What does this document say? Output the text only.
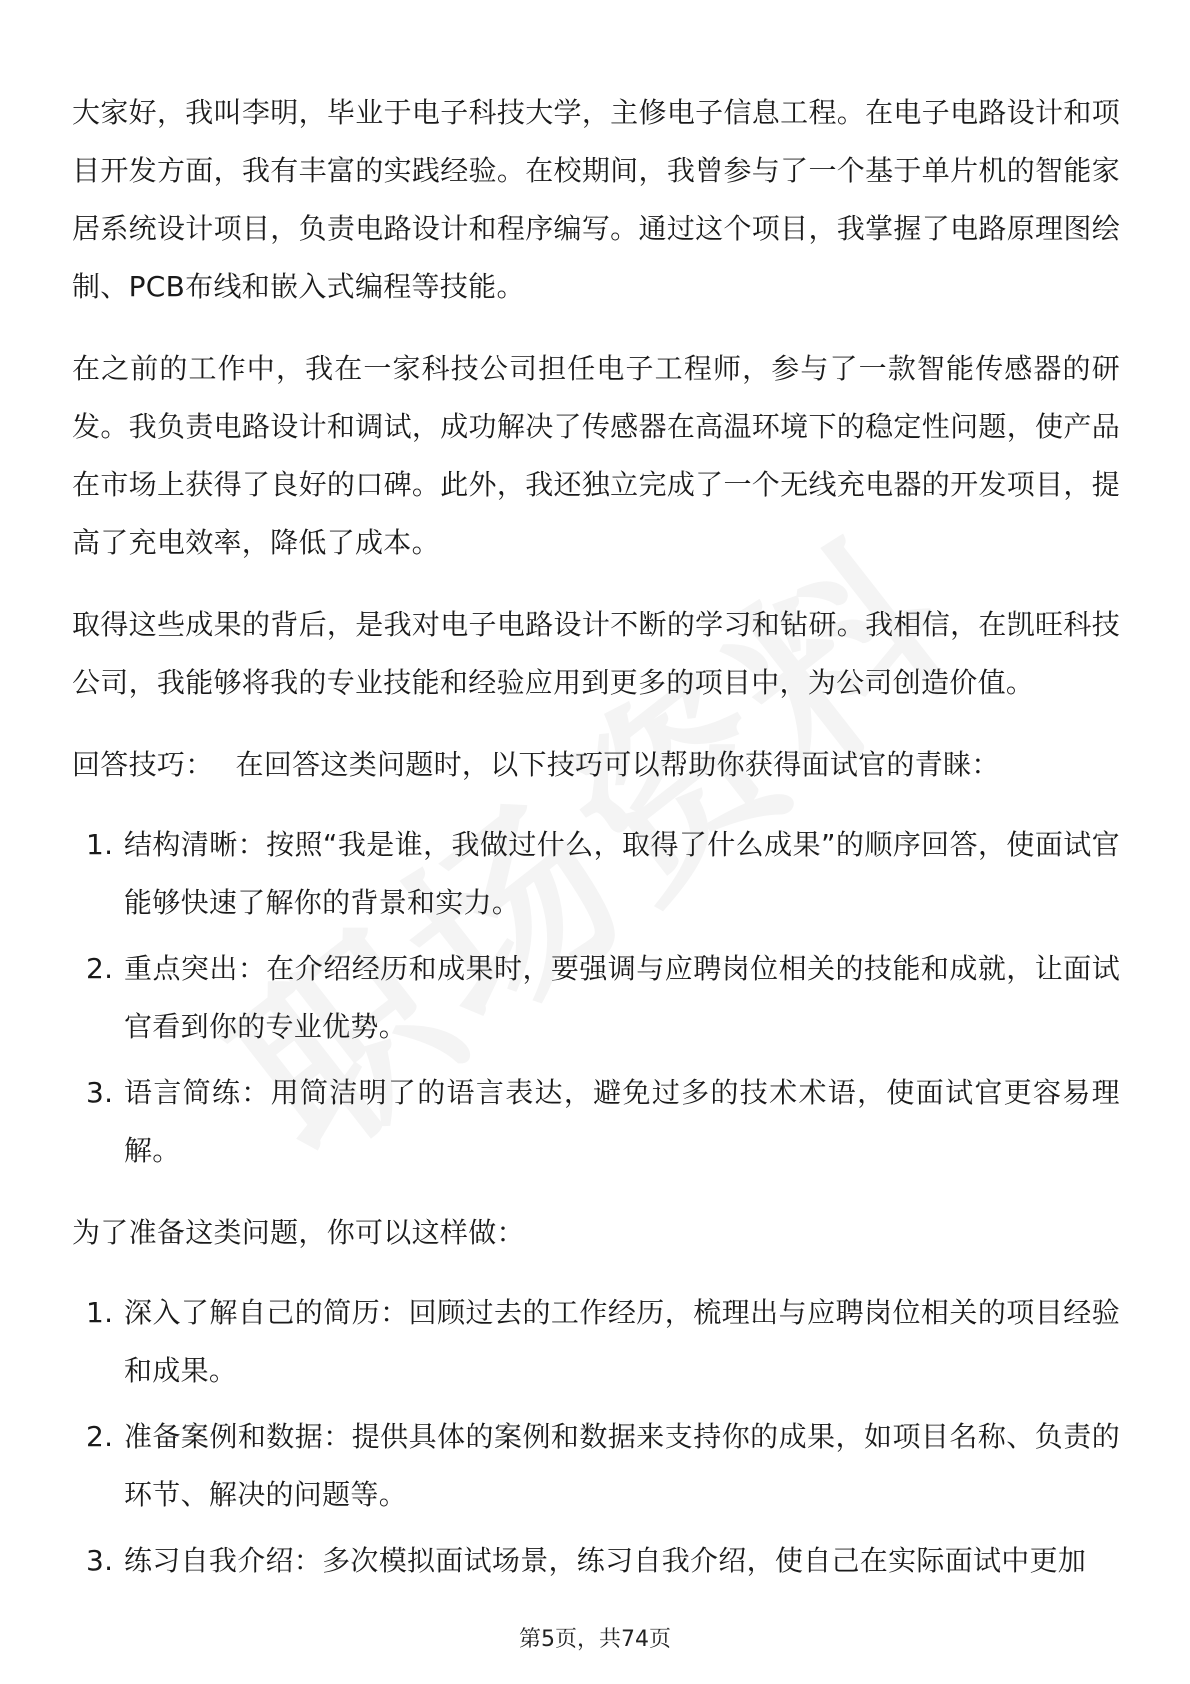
大家好，我叫李明，毕业于电子科技大学，主修电子信息工程。在电子电路设计和项目开发方面，我有丰富的实践经验。在校期间，我曾参与了一个基于单片机的智能家居系统设计项目，负责电路设计和程序编写。通过这个项目，我掌握了电路原理图绘制、PCB布线和嵌入式编程等技能。

在之前的工作中，我在一家科技公司担任电子工程师，参与了一款智能传感器的研发。我负责电路设计和调试，成功解决了传感器在高温环境下的稳定性问题，使产品在市场上获得了良好的口碑。此外，我还独立完成了一个无线充电器的开发项目，提高了充电效率，降低了成本。

取得这些成果的背后，是我对电子电路设计不断的学习和钻研。我相信，在凯旺科技公司，我能够将我的专业技能和经验应用到更多的项目中，为公司创造价值。

回答技巧： 在回答这类问题时，以下技巧可以帮助你获得面试官的青睐：

1. 结构清晰：按照“我是谁，我做过什么，取得了什么成果”的顺序回答，使面试官能够快速了解你的背景和实力。
2. 重点突出：在介绍经历和成果时，要强调与应聘岗位相关的技能和成就，让面试官看到你的专业优势。
3. 语言简练：用简洁明了的语言表达，避免过多的技术术语，使面试官更容易理解。

为了准备这类问题，你可以这样做：

1. 深入了解自己的简历：回顾过去的工作经历，梳理出与应聘岗位相关的项目经验和成果。
2. 准备案例和数据：提供具体的案例和数据来支持你的成果，如项目名称、负责的环节、解决的问题等。
3. 练习自我介绍：多次模拟面试场景，练习自我介绍，使自己在实际面试中更加
第5页，共74页
